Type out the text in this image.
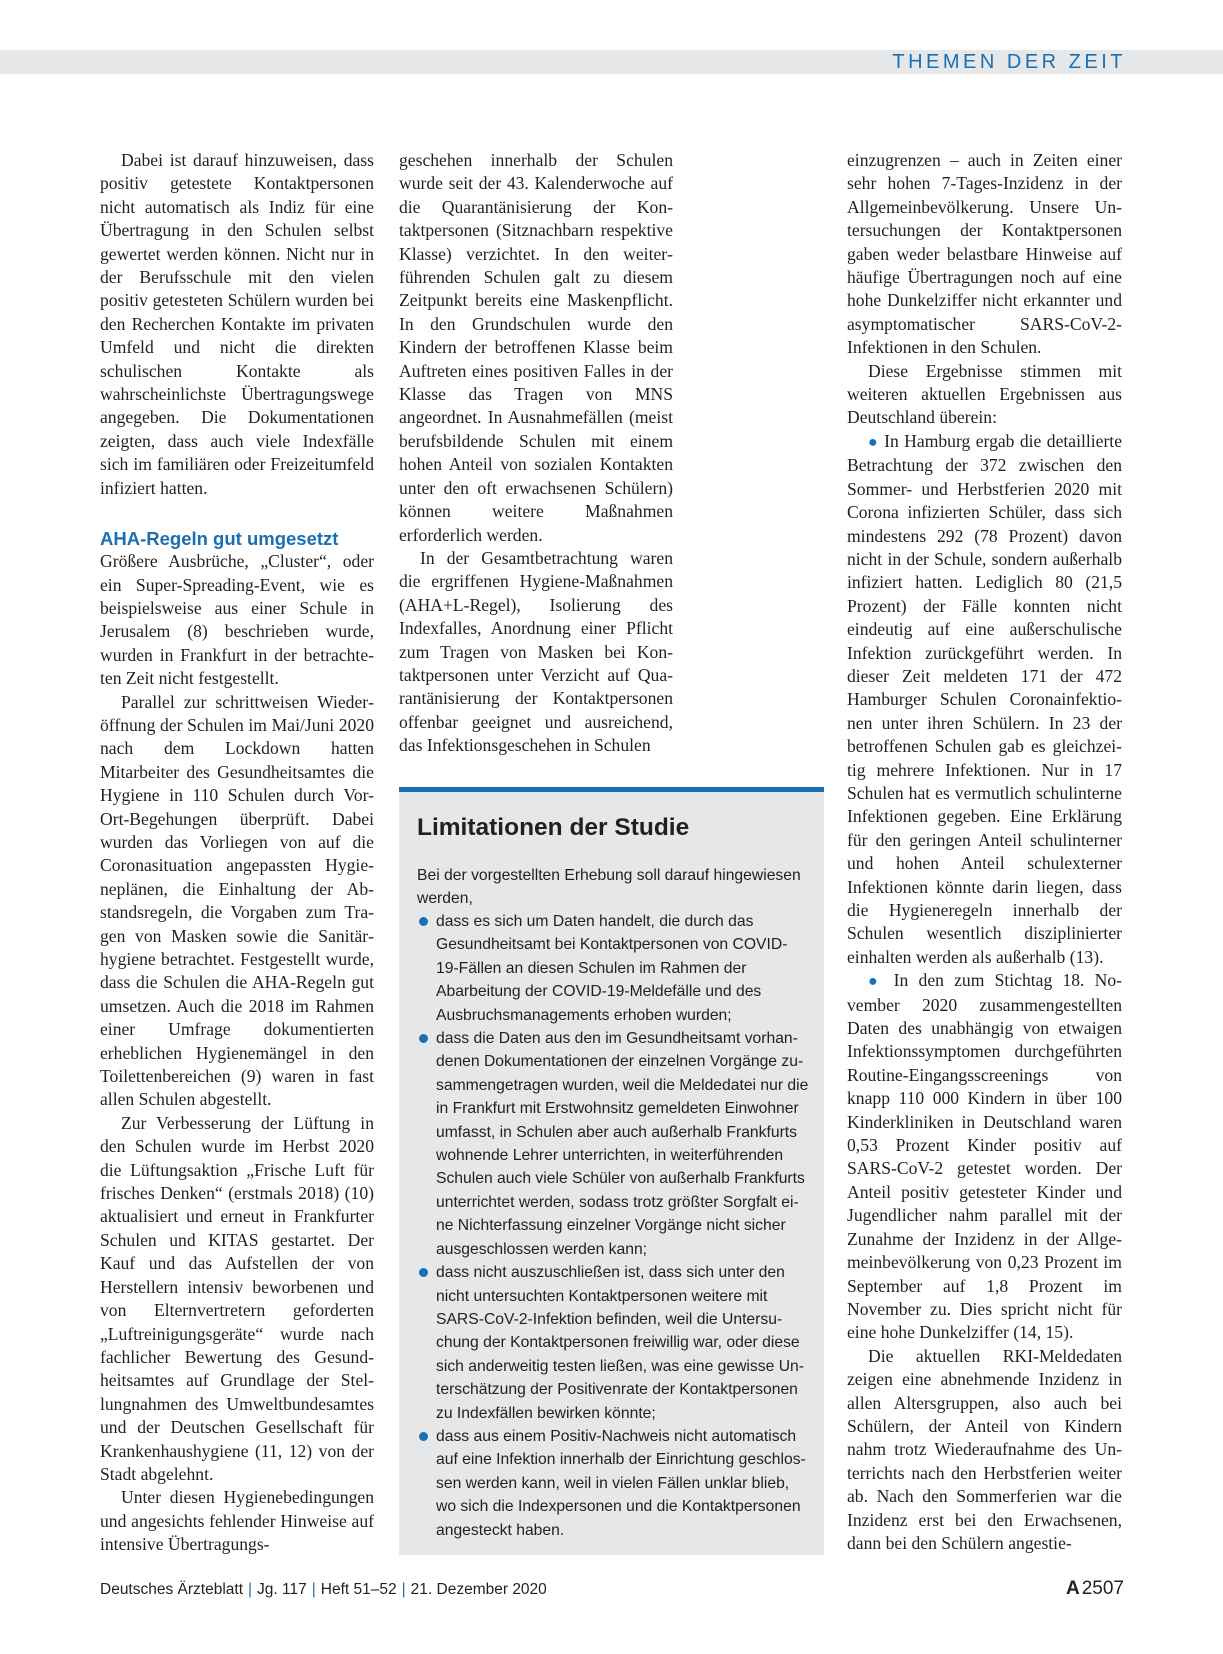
THEMEN DER ZEIT

Dabei ist darauf hinzuweisen, dass positiv getestete Kontaktpersonen nicht automatisch als Indiz für eine Übertragung in den Schulen selbst gewertet werden können. Nicht nur in der Berufsschule mit den vielen positiv getesteten Schülern wurden bei den Recherchen Kontakte im privaten Umfeld und nicht die direkten schulischen Kontakte als wahrscheinlichste Übertragungswege angegeben. Die Dokumentationen zeigten, dass auch viele Indexfälle sich im familiären oder Freizeitumfeld infiziert hatten.

AHA-Regeln gut umgesetzt

Größere Ausbrüche, „Cluster“, oder ein Super-Spreading-Event, wie es beispielsweise aus einer Schule in Jerusalem (8) beschrieben wurde, wurden in Frankfurt in der betrachteten Zeit nicht festgestellt.

Parallel zur schrittweisen Wiederöffnung der Schulen im Mai/Juni 2020 nach dem Lockdown hatten Mitarbeiter des Gesundheitsamtes die Hygiene in 110 Schulen durch Vor-Ort-Begehungen überprüft. Dabei wurden das Vorliegen von auf die Coronasituation angepassten Hygieneplänen, die Einhaltung der Abstandsregeln, die Vorgaben zum Tragen von Masken sowie die Sanitärhygiene betrachtet. Festgestellt wurde, dass die Schulen die AHA-Regeln gut umsetzen. Auch die 2018 im Rahmen einer Umfrage dokumentierten erheblichen Hygienemängel in den Toilettenbereichen (9) waren in fast allen Schulen abgestellt.

Zur Verbesserung der Lüftung in den Schulen wurde im Herbst 2020 die Lüftungsaktion „Frische Luft für frisches Denken“ (erstmals 2018) (10) aktualisiert und erneut in Frankfurter Schulen und KITAS gestartet. Der Kauf und das Aufstellen der von Herstellern intensiv beworbenen und von Elternvertretern geforderten „Luftreinigungsgeräte“ wurde nach fachlicher Bewertung des Gesundheitsamtes auf Grundlage der Stellungnahmen des Umweltbundesamtes und der Deutschen Gesellschaft für Krankenhaushygiene (11, 12) von der Stadt abgelehnt.

Unter diesen Hygienebedingungen und angesichts fehlender Hinweise auf intensive Übertragungs-

geschehen innerhalb der Schulen wurde seit der 43. Kalenderwoche auf die Quarantänisierung der Kontaktpersonen (Sitznachbarn respektive Klasse) verzichtet. In den weiterführenden Schulen galt zu diesem Zeitpunkt bereits eine Maskenpflicht. In den Grundschulen wurde den Kindern der betroffenen Klasse beim Auftreten eines positiven Falles in der Klasse das Tragen von MNS angeordnet. In Ausnahmefällen (meist berufsbildende Schulen mit einem hohen Anteil von sozialen Kontakten unter den oft erwachsenen Schülern) können weitere Maßnahmen erforderlich werden.

In der Gesamtbetrachtung waren die ergriffenen Hygiene-Maßnahmen (AHA+L-Regel), Isolierung des Indexfalles, Anordnung einer Pflicht zum Tragen von Masken bei Kontaktpersonen unter Verzicht auf Quarantänisierung der Kontaktpersonen offenbar geeignet und ausreichend, das Infektionsgeschehen in Schulen

Limitationen der Studie

Bei der vorgestellten Erhebung soll darauf hingewiesen werden,

dass es sich um Daten handelt, die durch das Gesundheitsamt bei Kontaktpersonen von COVID-19-Fällen an diesen Schulen im Rahmen der Abarbeitung der COVID-19-Meldefälle und des Ausbruchsmanagements erhoben wurden;
dass die Daten aus den im Gesundheitsamt vorhandenen Dokumentationen der einzelnen Vorgänge zusammengetragen wurden, weil die Meldedatei nur die in Frankfurt mit Erstwohnsitz gemeldeten Einwohner umfasst, in Schulen aber auch außerhalb Frankfurts wohnende Lehrer unterrichten, in weiterführenden Schulen auch viele Schüler von außerhalb Frankfurts unterrichtet werden, sodass trotz größter Sorgfalt eine Nichterfassung einzelner Vorgänge nicht sicher ausgeschlossen werden kann;
dass nicht auszuschließen ist, dass sich unter den nicht untersuchten Kontaktpersonen weitere mit SARS-CoV-2-Infektion befinden, weil die Untersuchung der Kontaktpersonen freiwillig war, oder diese sich anderweitig testen ließen, was eine gewisse Unterschätzung der Positivenrate der Kontaktpersonen zu Indexfällen bewirken könnte;
dass aus einem Positiv-Nachweis nicht automatisch auf eine Infektion innerhalb der Einrichtung geschlossen werden kann, weil in vielen Fällen unklar blieb, wo sich die Indexpersonen und die Kontaktpersonen angesteckt haben.

einzugrenzen – auch in Zeiten einer sehr hohen 7-Tages-Inzidenz in der Allgemeinbevölkerung. Unsere Untersuchungen der Kontaktpersonen gaben weder belastbare Hinweise auf häufige Übertragungen noch auf eine hohe Dunkelziffer nicht erkannter und asymptomatischer SARS-CoV-2-Infektionen in den Schulen.

Diese Ergebnisse stimmen mit weiteren aktuellen Ergebnissen aus Deutschland überein:

● In Hamburg ergab die detaillierte Betrachtung der 372 zwischen den Sommer- und Herbstferien 2020 mit Corona infizierten Schüler, dass sich mindestens 292 (78 Prozent) davon nicht in der Schule, sondern außerhalb infiziert hatten. Lediglich 80 (21,5 Prozent) der Fälle konnten nicht eindeutig auf eine außerschulische Infektion zurückgeführt werden. In dieser Zeit meldeten 171 der 472 Hamburger Schulen Coronainfektionen unter ihren Schülern. In 23 der betroffenen Schulen gab es gleichzeitig mehrere Infektionen. Nur in 17 Schulen hat es vermutlich schulinterne Infektionen gegeben. Eine Erklärung für den geringen Anteil schulinterner und hohen Anteil schulexterner Infektionen könnte darin liegen, dass die Hygieneregeln innerhalb der Schulen wesentlich disziplinierter einhalten werden als außerhalb (13).

● In den zum Stichtag 18. November 2020 zusammengestellten Daten des unabhängig von etwaigen Infektionssymptomen durchgeführten Routine-Eingangsscreenings von knapp 110 000 Kindern in über 100 Kinderkliniken in Deutschland waren 0,53 Prozent Kinder positiv auf SARS-CoV-2 getestet worden. Der Anteil positiv getesteter Kinder und Jugendlicher nahm parallel mit der Zunahme der Inzidenz in der Allgemeinbevölkerung von 0,23 Prozent im September auf 1,8 Prozent im November zu. Dies spricht nicht für eine hohe Dunkelziffer (14, 15).

Die aktuellen RKI-Meldedaten zeigen eine abnehmende Inzidenz in allen Altersgruppen, also auch bei Schülern, der Anteil von Kindern nahm trotz Wiederaufnahme des Unterrichts nach den Herbstferien weiter ab. Nach den Sommerferien war die Inzidenz erst bei den Erwachsenen, dann bei den Schülern angestie-

Deutsches Ärzteblatt | Jg. 117 | Heft 51–52 | 21. Dezember 2020	A 2507
